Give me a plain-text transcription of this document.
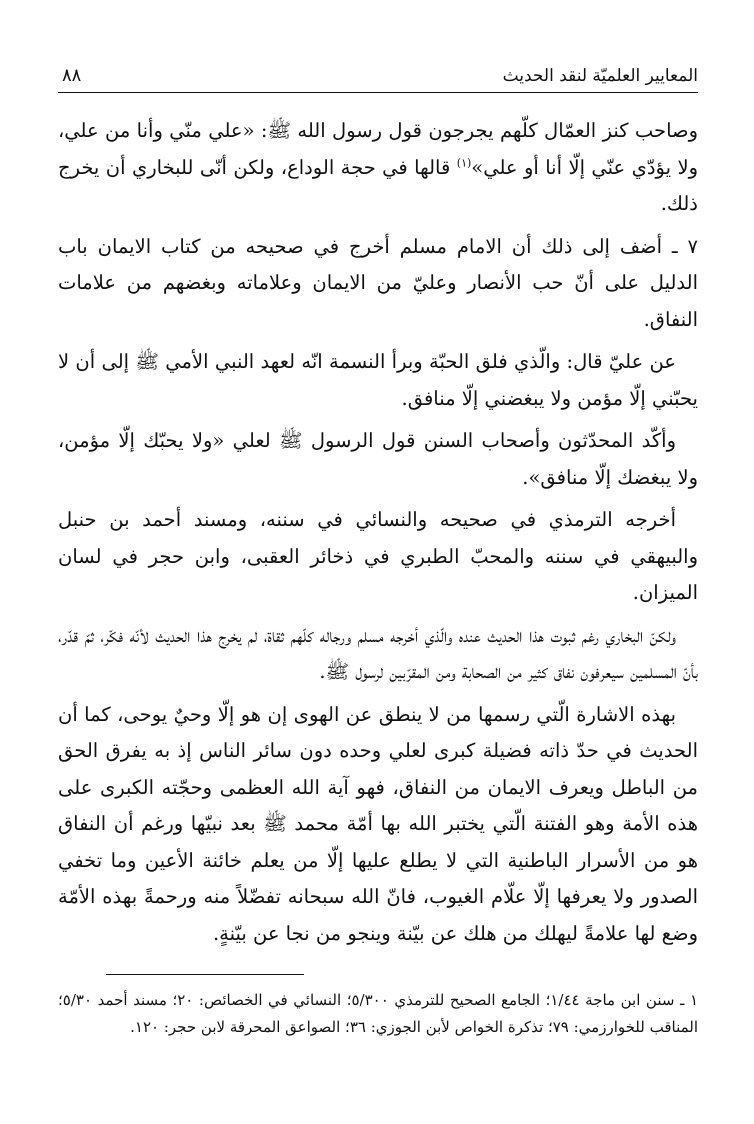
المعايير العلميّة لنقد الحديث
٨٨

وصاحب كنز العمّال كلّهم يجرجون قول رسول الله ﷺ: «علي منّي وأنا من علي، ولا يؤدّي عنّي إلّا أنا أو علي»$^{(١)}$ قالها في حجة الوداع، ولكن أنّى للبخاري أن يخرج ذلك.

٧ ـ أضف إلى ذلك أن الامام مسلم أخرج في صحيحه من كتاب الايمان باب الدليل على أنّ حب الأنصار وعليّ من الايمان وعلاماته وبغضهم من علامات النفاق.

عن عليّ قال: والّذي فلق الحبّة وبرأ النسمة انّه لعهد النبي الأمي ﷺ إلى أن لا يحبّني إلّا مؤمن ولا يبغضني إلّا منافق.

وأكّد المحدّثون وأصحاب السنن قول الرسول ﷺ لعلي «ولا يحبّك إلّا مؤمن، ولا يبغضك إلّا منافق».

أخرجه الترمذي في صحيحه والنسائي في سننه، ومسند أحمد بن حنبل والبيهقي في سننه والمحبّ الطبري في ذخائر العقبى، وابن حجر في لسان الميزان.

ولكنّ البخاري رغم ثبوت هذا الحديث عنده والّذي أخرجه مسلم ورجاله كلّهم ثقاة، لم يخرج هذا الحديث لأنّه فكّر، ثمّ قدّر، بأنّ المسلمين سيعرفون نفاق كثير من الصحابة ومن المقرّبين لرسول ﷺ.

بهذه الاشارة الّتي رسمها من لا ينطق عن الهوى إن هو إلّا وحيٌ يوحى، كما أن الحديث في حدّ ذاته فضيلة كبرى لعلي وحده دون سائر الناس إذ به يفرق الحق من الباطل ويعرف الايمان من النفاق، فهو آية الله العظمى وحجّته الكبرى على هذه الأمة وهو الفتنة الّتي يختبر الله بها أمّة محمد ﷺ بعد نبيّها ورغم أن النفاق هو من الأسرار الباطنية التي لا يطلع عليها إلّا من يعلم خائنة الأعين وما تخفي الصدور ولا يعرفها إلّا علّام الغيوب، فانّ الله سبحانه تفضّلاً منه ورحمةً بهذه الأمّة وضع لها علامةً ليهلك من هلك عن بيّنة وينجو من نجا عن بيّنةٍ.

١ ـ سنن ابن ماجة ١/٤٤؛ الجامع الصحيح للترمذي ٥/٣٠٠؛ النسائي في الخصائص: ٢٠؛ مسند أحمد ٥/٣٠؛ المناقب للخوارزمي: ٧٩؛ تذكرة الخواص لأبن الجوزي: ٣٦؛ الصواعق المحرقة لابن حجر: ١٢٠.
